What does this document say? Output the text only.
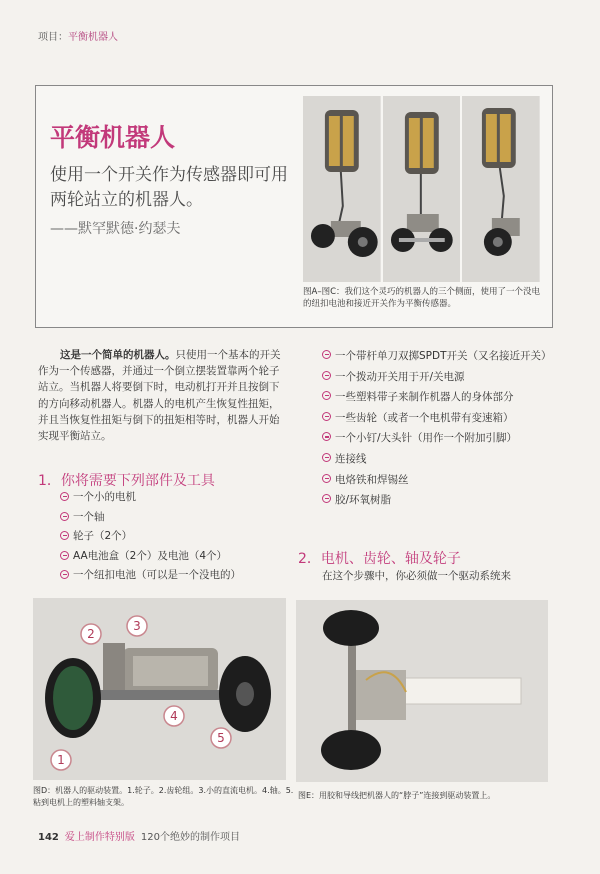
项目：平衡机器人
平衡机器人
使用一个开关作为传感器即可用两轮站立的机器人。
——默罕默德·约瑟夫
图A–图C：我们这个灵巧的机器人的三个侧面，使用了一个没电的纽扣电池和接近开关作为平衡传感器。
这是一个简单的机器人。只使用一个基本的开关作为一个传感器，并通过一个倒立摆装置靠两个轮子站立。当机器人将要倒下时，电动机打开并且按倒下的方向移动机器人。机器人的电机产生恢复性扭矩，并且当恢复性扭矩与倒下的扭矩相等时，机器人开始实现平衡站立。
1．你将需要下列部件及工具
一个小的电机
一个轴
轮子（2个）
AA电池盒（2个）及电池（4个）
一个纽扣电池（可以是一个没电的）
一个带杆单刀双掷SPDT开关（又名接近开关）
一个拨动开关用于开/关电源
一些塑料带子来制作机器人的身体部分
一些齿轮（或者一个电机带有变速箱）
一个小钉/大头针（用作一个附加引脚）
连接线
电烙铁和焊锡丝
胶/环氧树脂
2．电机、齿轮、轴及轮子
在这个步骤中，你必须做一个驱动系统来
1
2
3
4
5
图D：机器人的驱动装置。1.轮子。2.齿轮组。3.小的直流电机。4.轴。5.粘到电机上的塑料轴支架。
图E：用胶和导线把机器人的“脖子”连接到驱动装置上。
142 爱上制作特别版 120个绝妙的制作项目
